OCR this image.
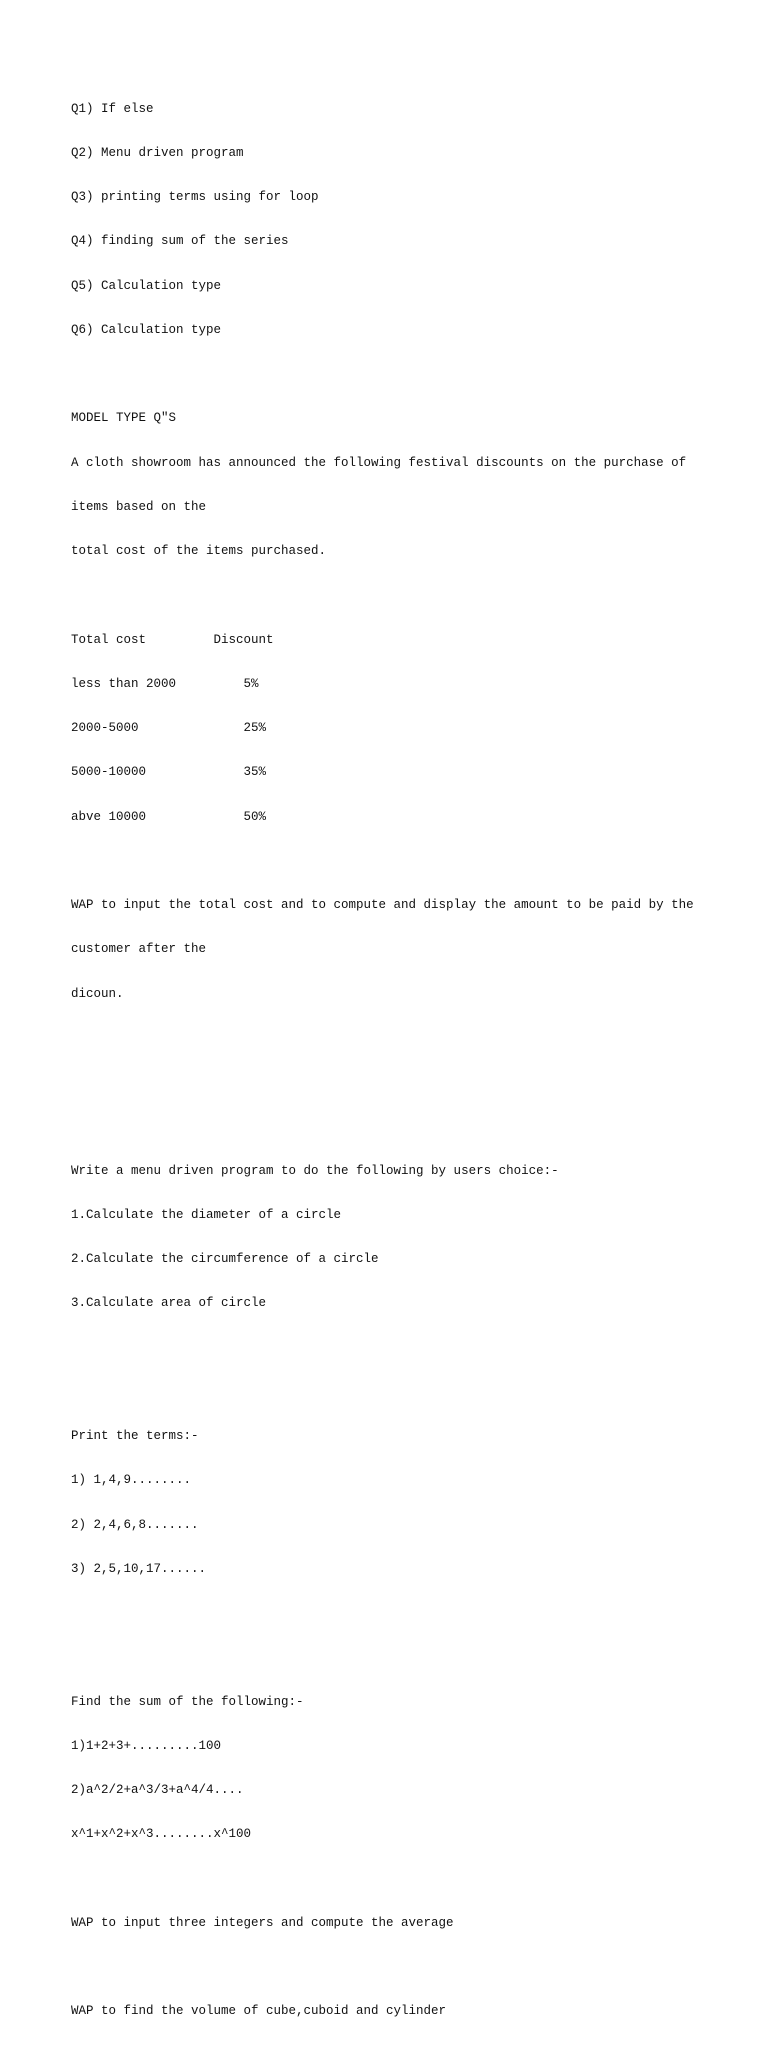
Q1) If else

Q2) Menu driven program

Q3) printing terms using for loop

Q4) finding sum of the series

Q5) Calculation type

Q6) Calculation type

MODEL TYPE Q"S

A cloth showroom has announced the following festival discounts on the purchase of

items based on the

total cost of the items purchased.

Total cost         Discount

less than 2000         5%

2000-5000              25%

5000-10000             35%

abve 10000             50%

WAP to input the total cost and to compute and display the amount to be paid by the

customer after the

dicoun.

Write a menu driven program to do the following by users choice:-

1.Calculate the diameter of a circle

2.Calculate the circumference of a circle

3.Calculate area of circle

Print the terms:-

1) 1,4,9........

2) 2,4,6,8.......

3) 2,5,10,17......

Find the sum of the following:-

1)1+2+3+.........100

2)a^2/2+a^3/3+a^4/4....

x^1+x^2+x^3........x^100

WAP to input three integers and compute the average

WAP to find the volume of cube,cuboid and cylinder
